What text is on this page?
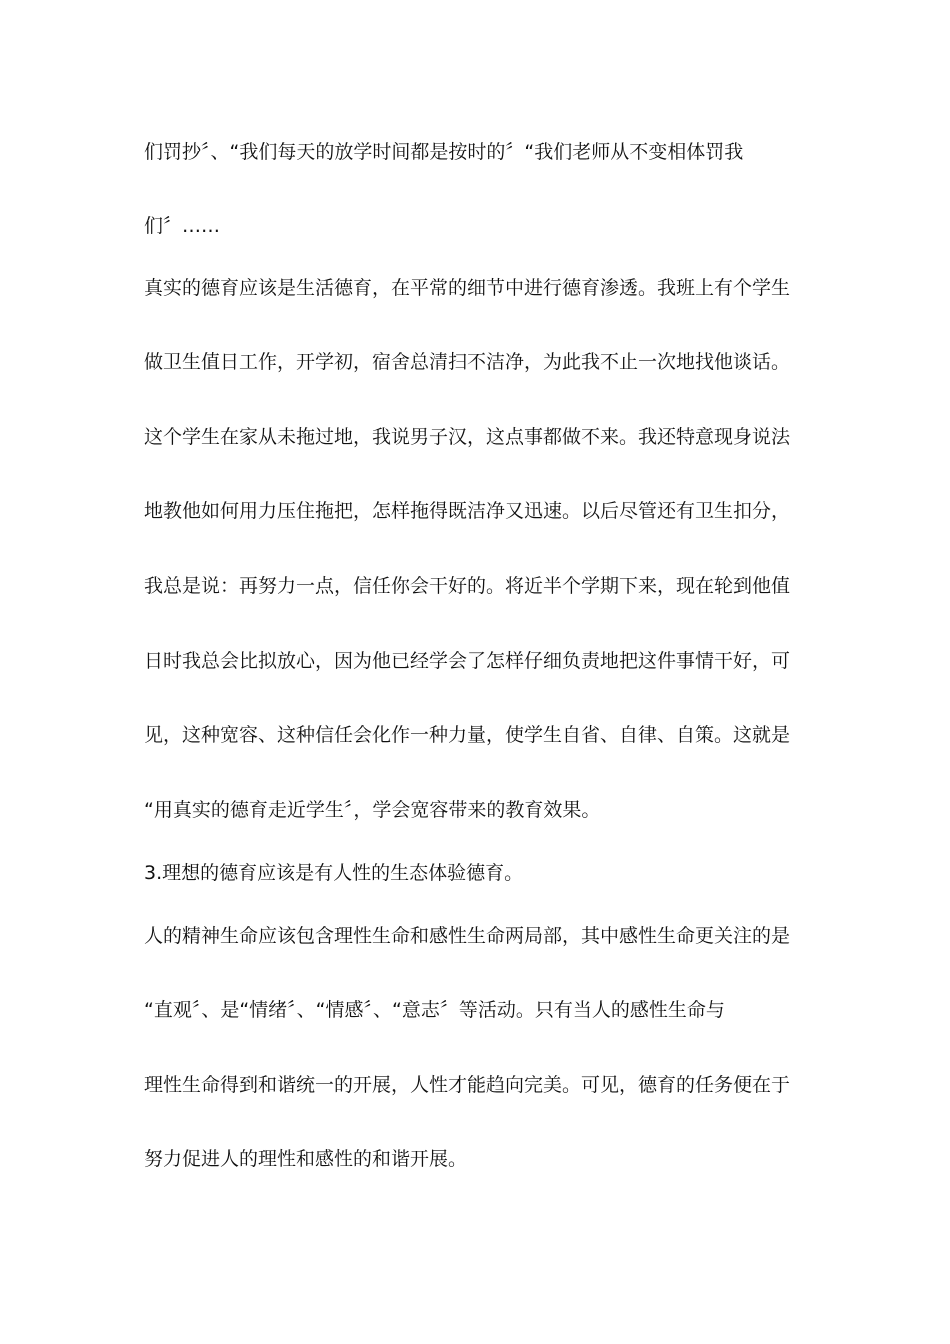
们罚抄〞、“我们每天的放学时间都是按时的〞“我们老师从不变相体罚我
们〞……
真实的德育应该是生活德育，在平常的细节中进行德育渗透。我班上有个学生
做卫生值日工作，开学初，宿舍总清扫不洁净，为此我不止一次地找他谈话。
这个学生在家从未拖过地，我说男子汉，这点事都做不来。我还特意现身说法
地教他如何用力压住拖把，怎样拖得既洁净又迅速。以后尽管还有卫生扣分，
我总是说：再努力一点，信任你会干好的。将近半个学期下来，现在轮到他值
日时我总会比拟放心，因为他已经学会了怎样仔细负责地把这件事情干好，可
见，这种宽容、这种信任会化作一种力量，使学生自省、自律、自策。这就是
“用真实的德育走近学生〞，学会宽容带来的教育效果。
3.理想的德育应该是有人性的生态体验德育。
人的精神生命应该包含理性生命和感性生命两局部，其中感性生命更关注的是
“直观〞、是“情绪〞、“情感〞、“意志〞等活动。只有当人的感性生命与
理性生命得到和谐统一的开展，人性才能趋向完美。可见，德育的任务便在于
努力促进人的理性和感性的和谐开展。
